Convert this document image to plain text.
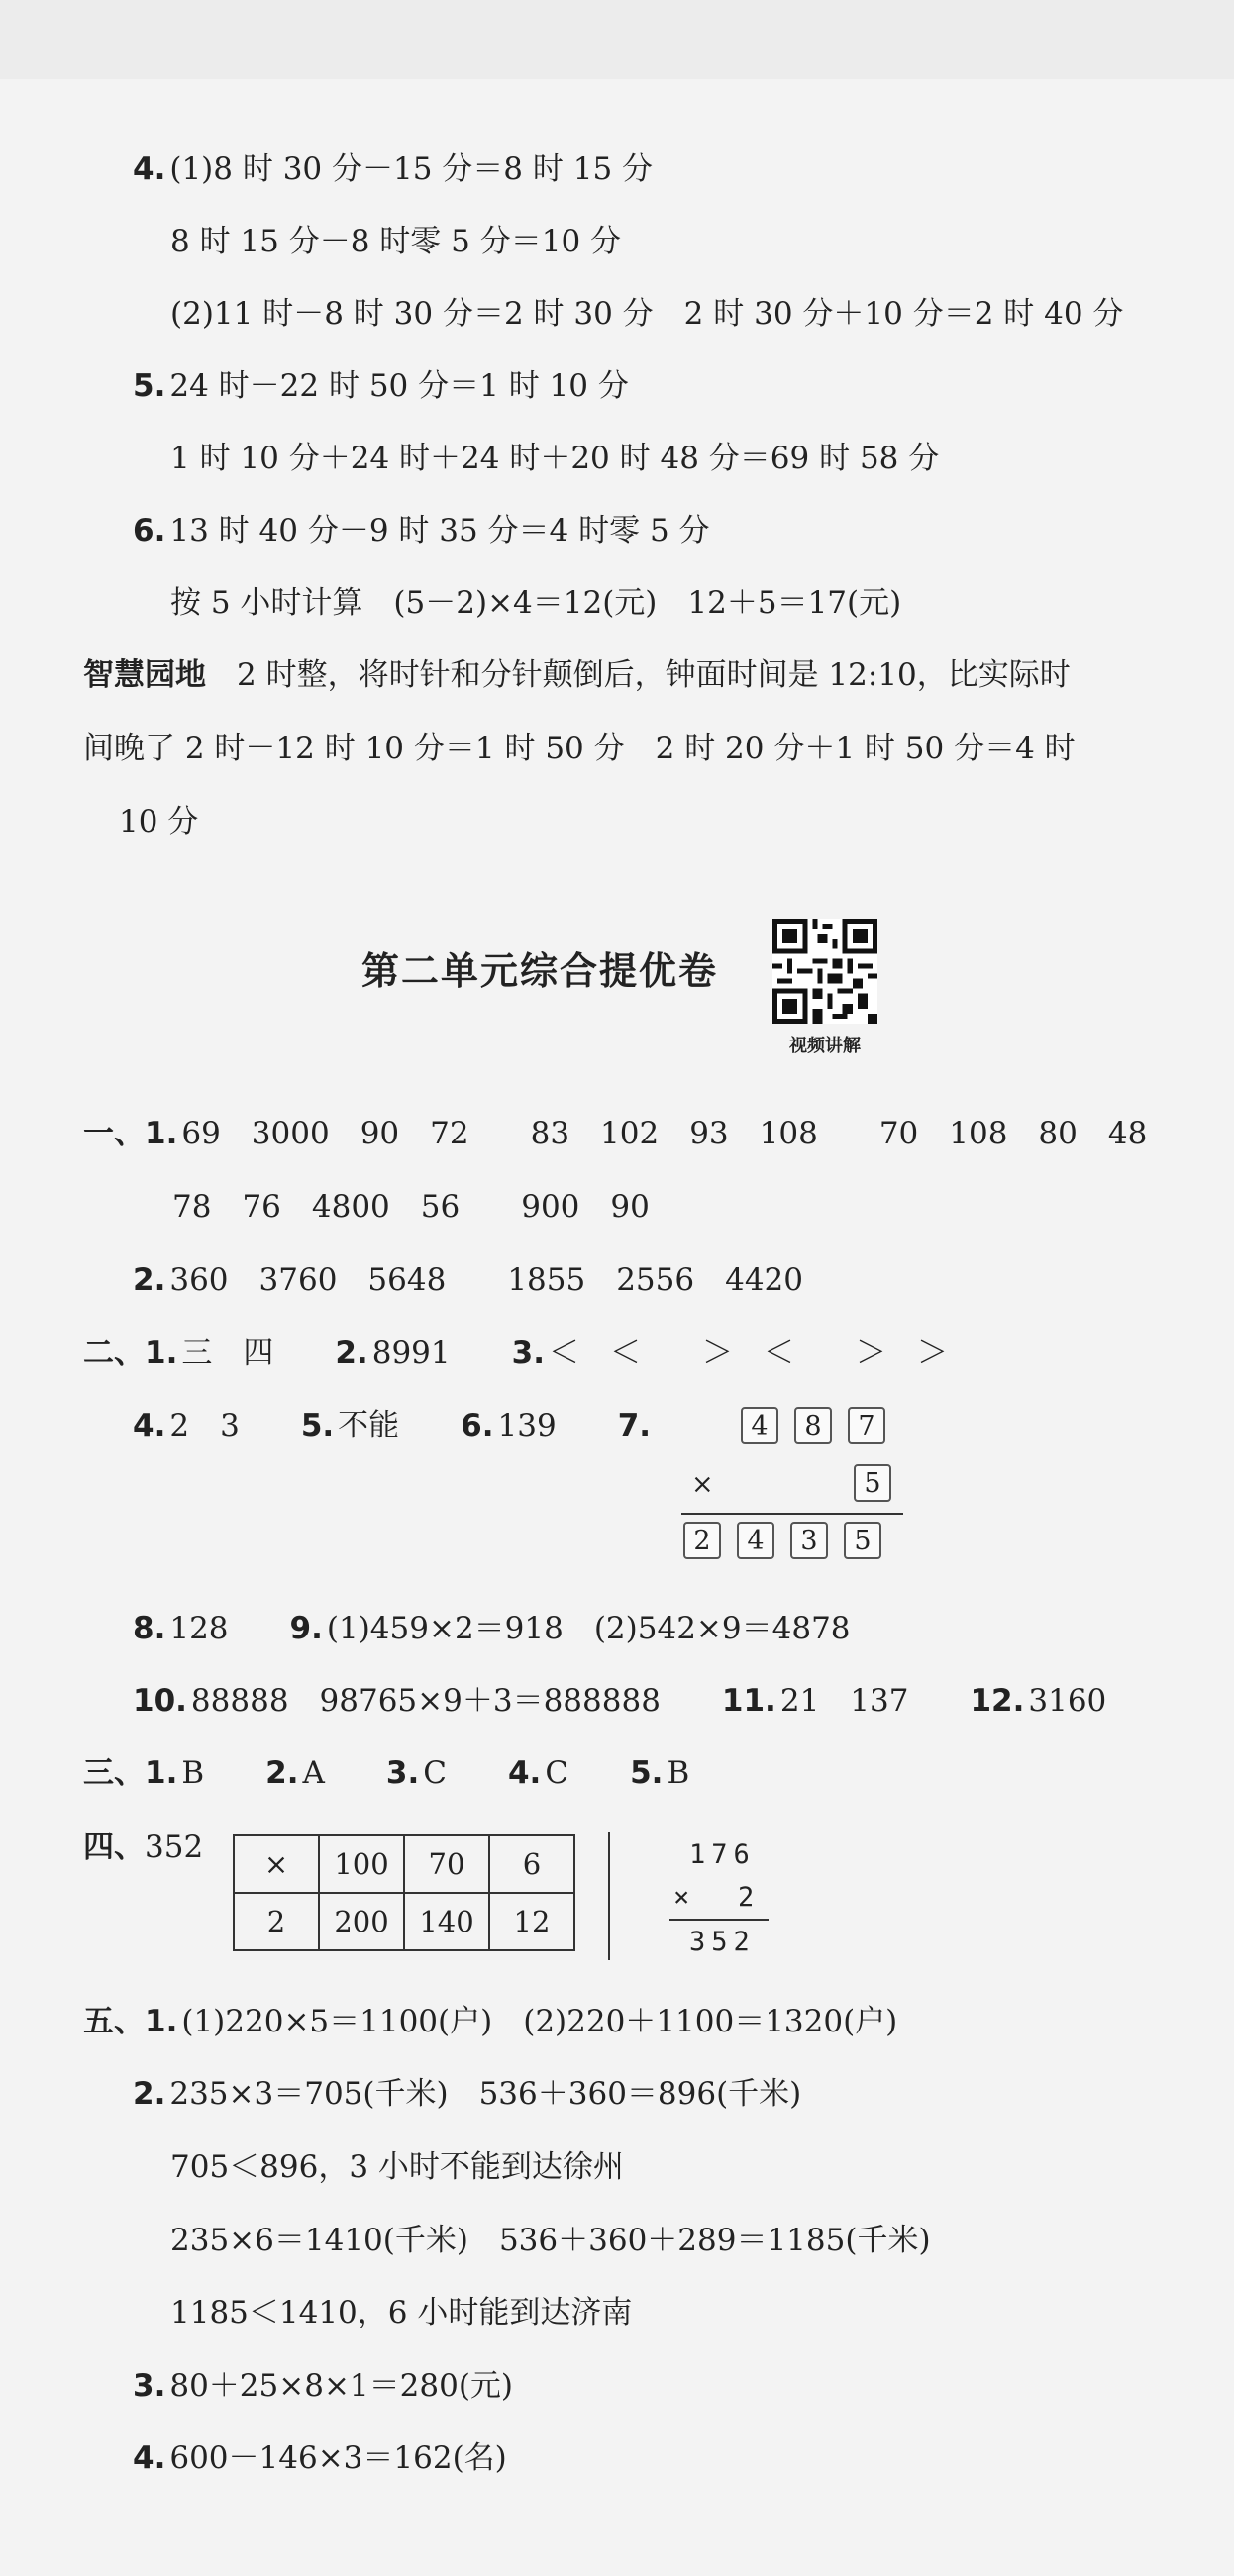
4. (1)8 时 30 分－15 分＝8 时 15 分
8 时 15 分－8 时零 5 分＝10 分
(2)11 时－8 时 30 分＝2 时 30 分　2 时 30 分＋10 分＝2 时 40 分
5. 24 时－22 时 50 分＝1 时 10 分
1 时 10 分＋24 时＋24 时＋20 时 48 分＝69 时 58 分
6. 13 时 40 分－9 时 35 分＝4 时零 5 分
按 5 小时计算　(5－2)×4＝12(元)　12＋5＝17(元)
智慧园地　 2 时整，将时针和分针颠倒后，钟面时间是 12:10，比实际时
间晚了 2 时－12 时 10 分＝1 时 50 分　2 时 20 分＋1 时 50 分＝4 时
10 分
第二单元综合提优卷
视频讲解
一、1. 69　3000　90　72　　83　102　93　108　　70　108　80　48
78　76　4800　56　　900　90
2. 360　3760　5648　　1855　2556　4420
二、1. 三　四　　 2. 8991　　 3. ＜　＜　　＞　＜　　＞　＞
4. 2　3　　 5. 不能　　 6. 139　　 7.	4	8	7
×	5
2	4	3	5
8. 128　　 9. (1)459×2＝918　(2)542×9＝4878
10. 88888　98765×9＋3＝888888　　 11. 21　137　　 12. 3160
三、1. B　　 2. A　　 3. C　　 4. C　　 5. B
四、352 ×	100	70	6
2	200	140	12
176
×   2
352
五、1. (1)220×5＝1100(户)　(2)220＋1100＝1320(户)
2. 235×3＝705(千米)　536＋360＝896(千米)
705＜896，3 小时不能到达徐州
235×6＝1410(千米)　536＋360＋289＝1185(千米)
1185＜1410，6 小时能到达济南
3. 80＋25×8×1＝280(元)
4. 600－146×3＝162(名)
